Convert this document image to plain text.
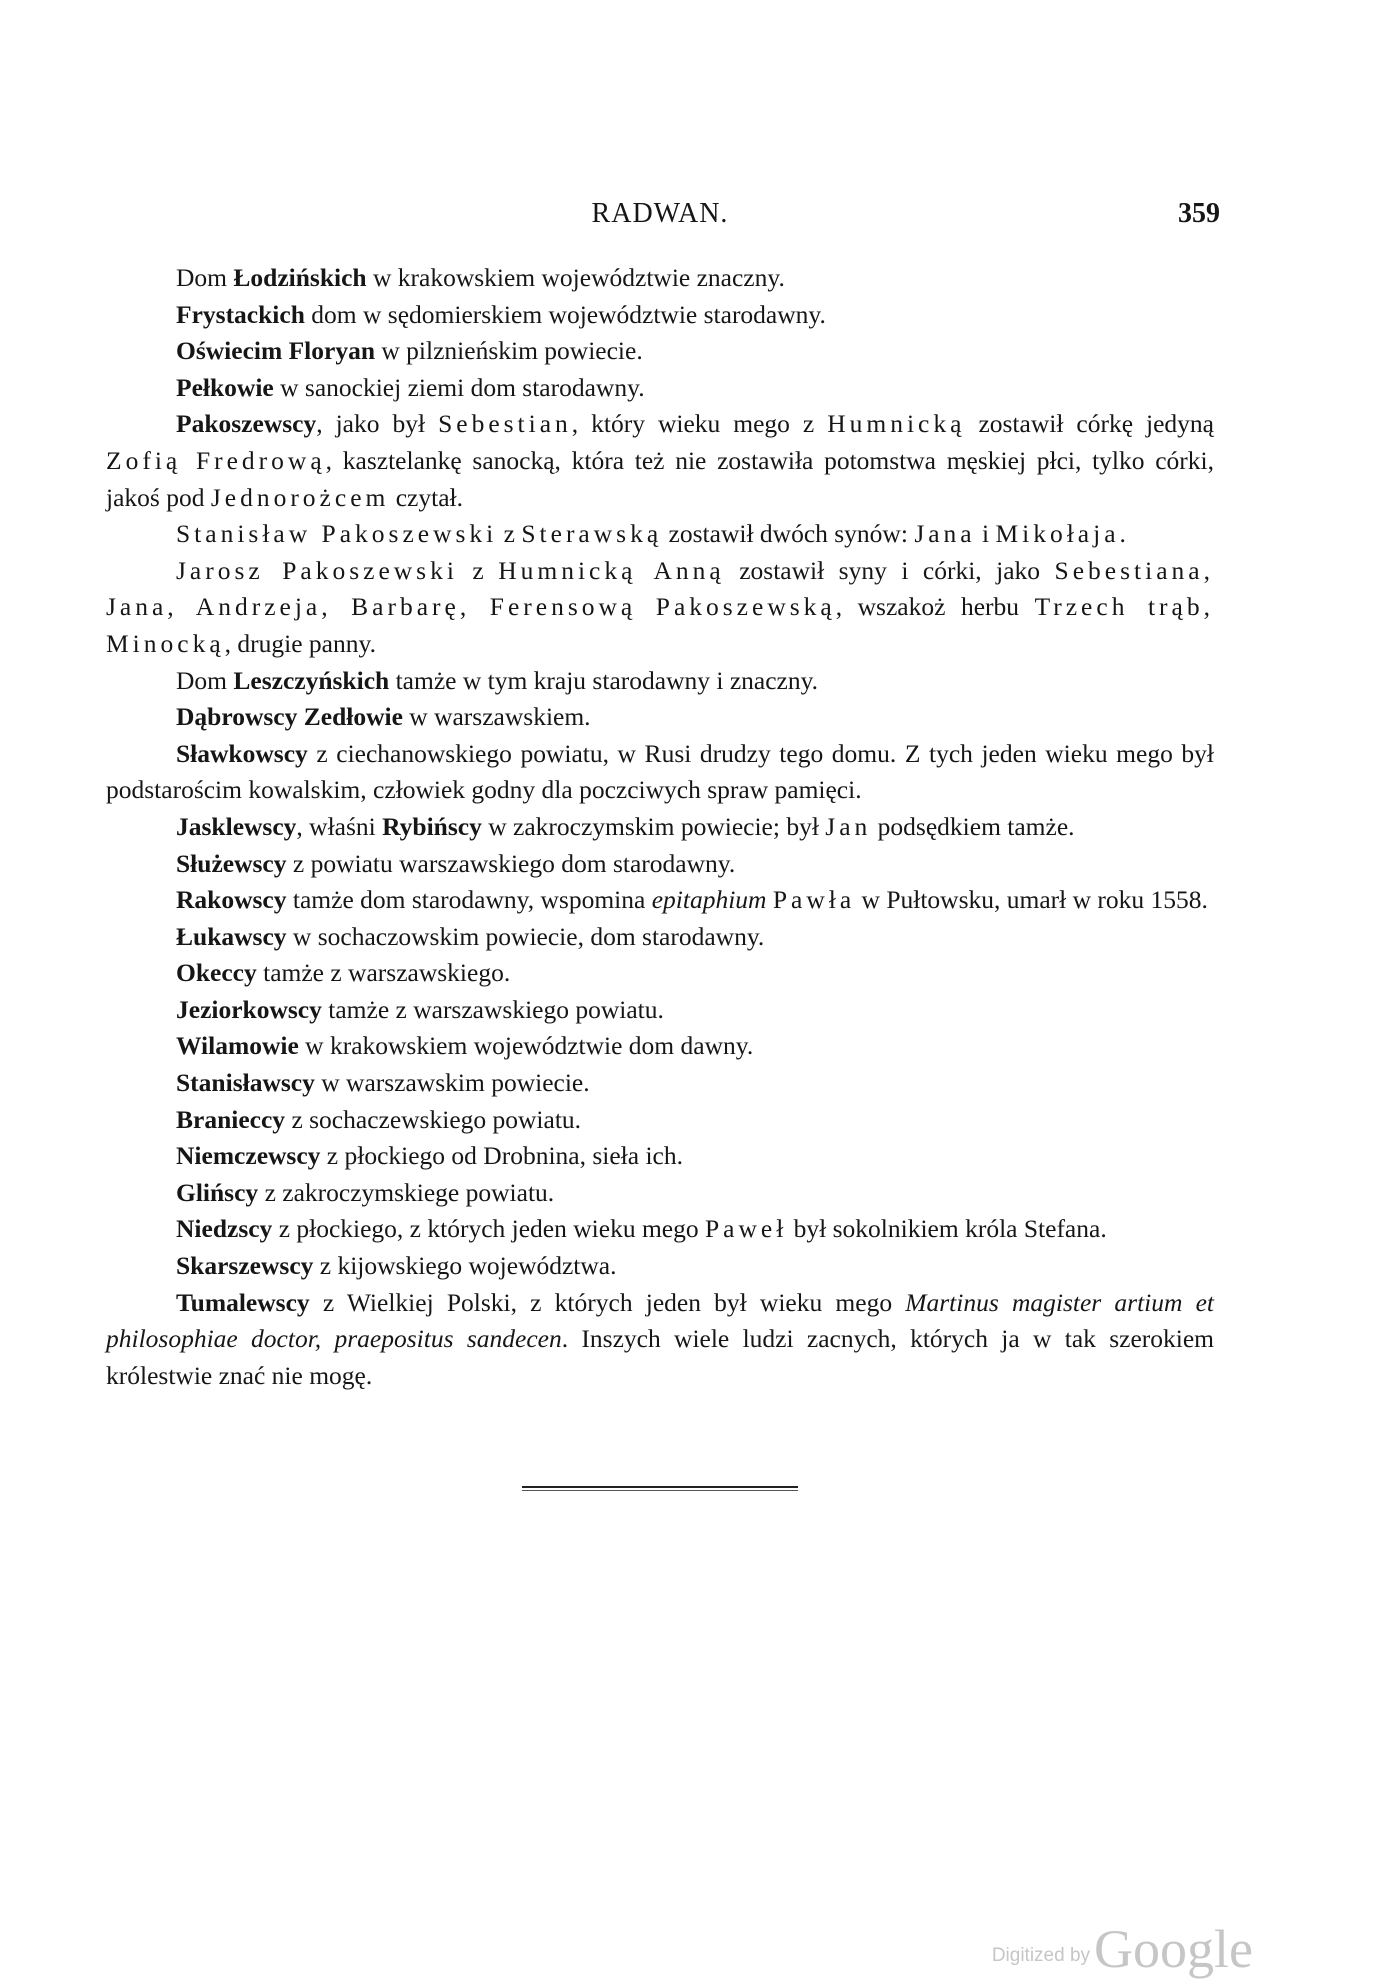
RADWAN.	359

Dom Łodzińskich w krakowskiem województwie znaczny.

Frystackich dom w sędomierskiem województwie starodawny.

Oświecim Floryan w pilznieńskim powiecie.

Pełkowie w sanockiej ziemi dom starodawny.

Pakoszewscy, jako był Sebestian, który wieku mego z Humnicką zostawił córkę jedyną Zofią Fredrową, kasztelankę sanocką, która też nie zostawiła potomstwa męskiej płci, tylko córki, jakoś pod Jednorożcem czytał.

Stanisław Pakoszewski z Sterawską zostawił dwóch synów: Jana i Mikołaja.

Jarosz Pakoszewski z Humnicką Anną zostawił syny i córki, jako Sebestiana, Jana, Andrzeja, Barbarę, Ferensową Pakoszewską, wszakoż herbu Trzech trąb, Minocką, drugie panny.

Dom Leszczyńskich tamże w tym kraju starodawny i znaczny.

Dąbrowscy Zedłowie w warszawskiem.

Sławkowscy z ciechanowskiego powiatu, w Rusi drudzy tego domu. Z tych jeden wieku mego był podstarościm kowalskim, człowiek godny dla poczciwych spraw pamięci.

Jasklewscy, właśni Rybińscy w zakroczymskim powiecie; był Jan podsędkiem tamże.

Służewscy z powiatu warszawskiego dom starodawny.

Rakowscy tamże dom starodawny, wspomina epitaphium Pawła w Pułtowsku, umarł w roku 1558.

Łukawscy w sochaczowskim powiecie, dom starodawny.

Okeccy tamże z warszawskiego.

Jeziorkowscy tamże z warszawskiego powiatu.

Wilamowie w krakowskiem województwie dom dawny.

Stanisławscy w warszawskim powiecie.

Branieccy z sochaczewskiego powiatu.

Niemczewscy z płockiego od Drobnina, sieła ich.

Glińscy z zakroczymskiege powiatu.

Niedzscy z płockiego, z których jeden wieku mego Paweł był sokolnikiem króla Stefana.

Skarszewscy z kijowskiego województwa.

Tumalewscy z Wielkiej Polski, z których jeden był wieku mego Martinus magister artium et philosophiae doctor, praepositus sandecen. Inszych wiele ludzi zacnych, których ja w tak szerokiem królestwie znać nie mogę.

Digitized byGoogle
